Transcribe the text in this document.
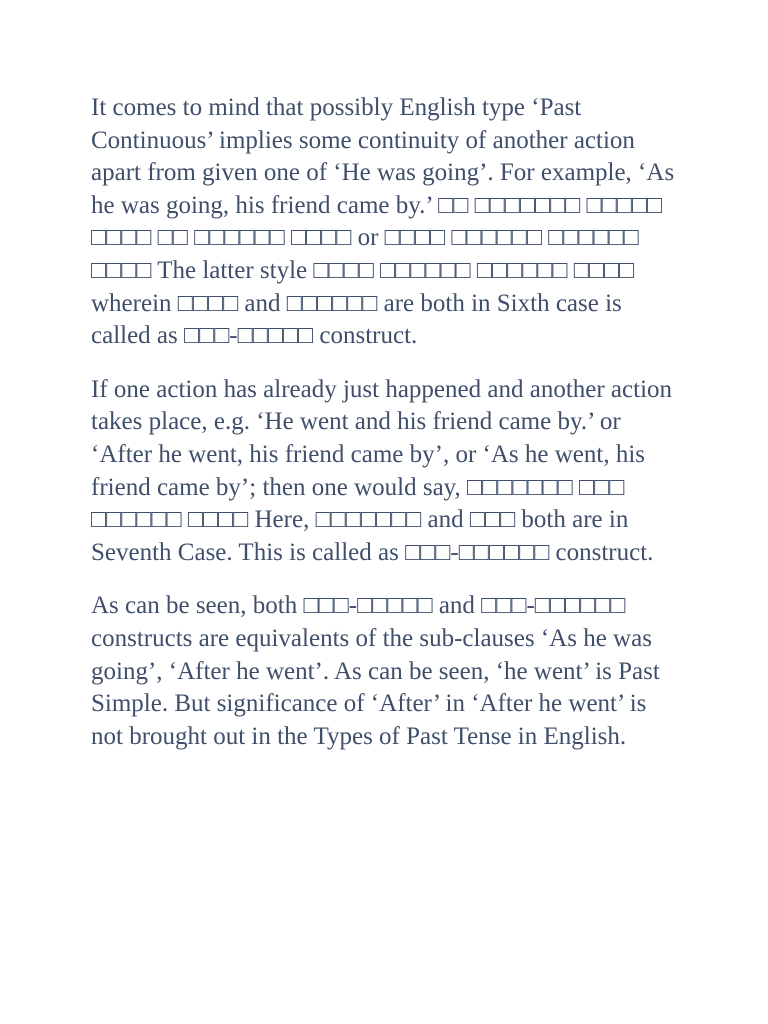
It comes to mind that possibly English type ‘Past Continuous’ implies some continuity of another action apart from given one of ‘He was going’. For example, ‘As he was going, his friend came by.’ □□ □□□□□□□ □□□□□ □□□□ □□ □□□□□□ □□□□ or □□□□ □□□□□□ □□□□□□ □□□□ The latter style □□□□ □□□□□□ □□□□□□ □□□□ wherein □□□□ and □□□□□□ are both in Sixth case is called as □□□-□□□□□ construct.

If one action has already just happened and another action takes place, e.g. ‘He went and his friend came by.’ or ‘After he went, his friend came by’, or ‘As he went, his friend came by’; then one would say, □□□□□□□ □□□ □□□□□□ □□□□ Here, □□□□□□□ and □□□ both are in Seventh Case. This is called as □□□-□□□□□□ construct.

As can be seen, both □□□-□□□□□ and □□□-□□□□□□ constructs are equivalents of the sub-clauses ‘As he was going’, ‘After he went’. As can be seen, ‘he went’ is Past Simple. But significance of ‘After’ in ‘After he went’ is not brought out in the Types of Past Tense in English.
